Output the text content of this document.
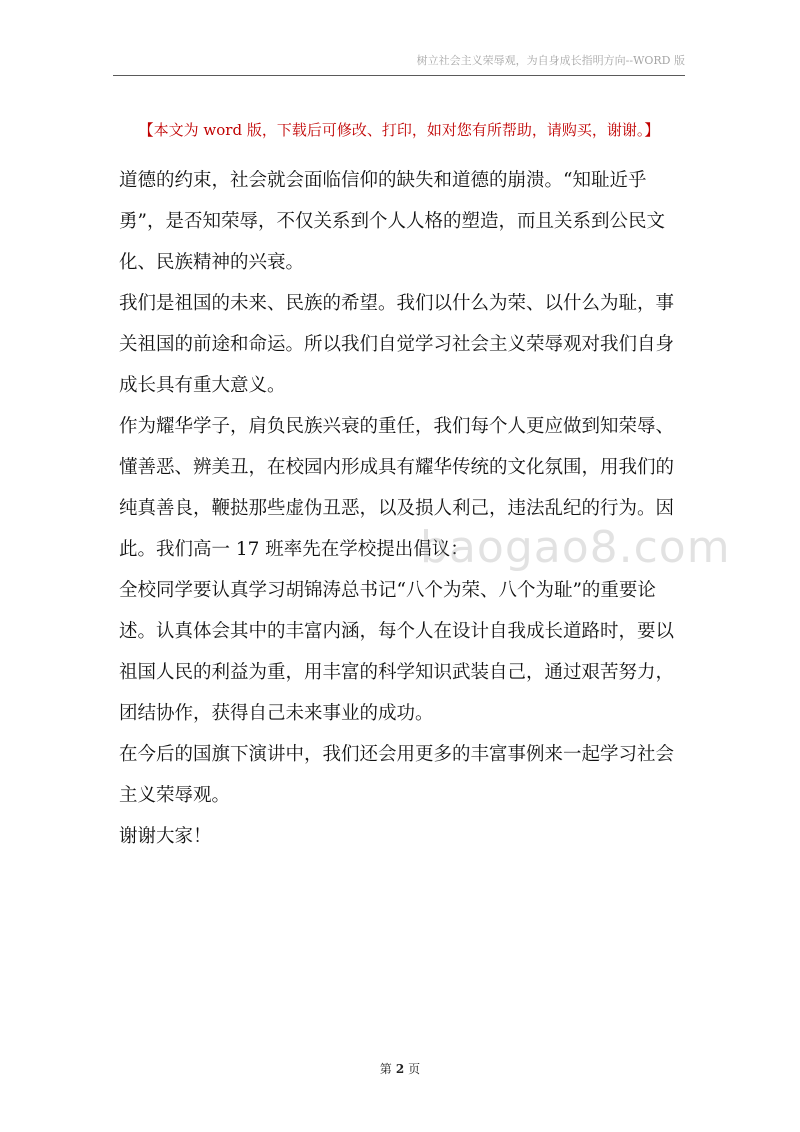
树立社会主义荣辱观，为自身成长指明方向--WORD 版
【本文为 word 版，下载后可修改、打印，如对您有所帮助，请购买，谢谢。】

道德的约束，社会就会面临信仰的缺失和道德的崩溃。“知耻近乎勇”，是否知荣辱，不仅关系到个人人格的塑造，而且关系到公民文化、民族精神的兴衰。

我们是祖国的未来、民族的希望。我们以什么为荣、以什么为耻，事关祖国的前途和命运。所以我们自觉学习社会主义荣辱观对我们自身成长具有重大意义。

作为耀华学子，肩负民族兴衰的重任，我们每个人更应做到知荣辱、懂善恶、辨美丑，在校园内形成具有耀华传统的文化氛围，用我们的纯真善良，鞭挞那些虚伪丑恶，以及损人利己，违法乱纪的行为。因此。我们高一 17 班率先在学校提出倡议：

全校同学要认真学习胡锦涛总书记“八个为荣、八个为耻”的重要论述。认真体会其中的丰富内涵，每个人在设计自我成长道路时，要以祖国人民的利益为重，用丰富的科学知识武装自己，通过艰苦努力，团结协作，获得自己未来事业的成功。

在今后的国旗下演讲中，我们还会用更多的丰富事例来一起学习社会主义荣辱观。

谢谢大家！

baogao8.com
第 2 页
